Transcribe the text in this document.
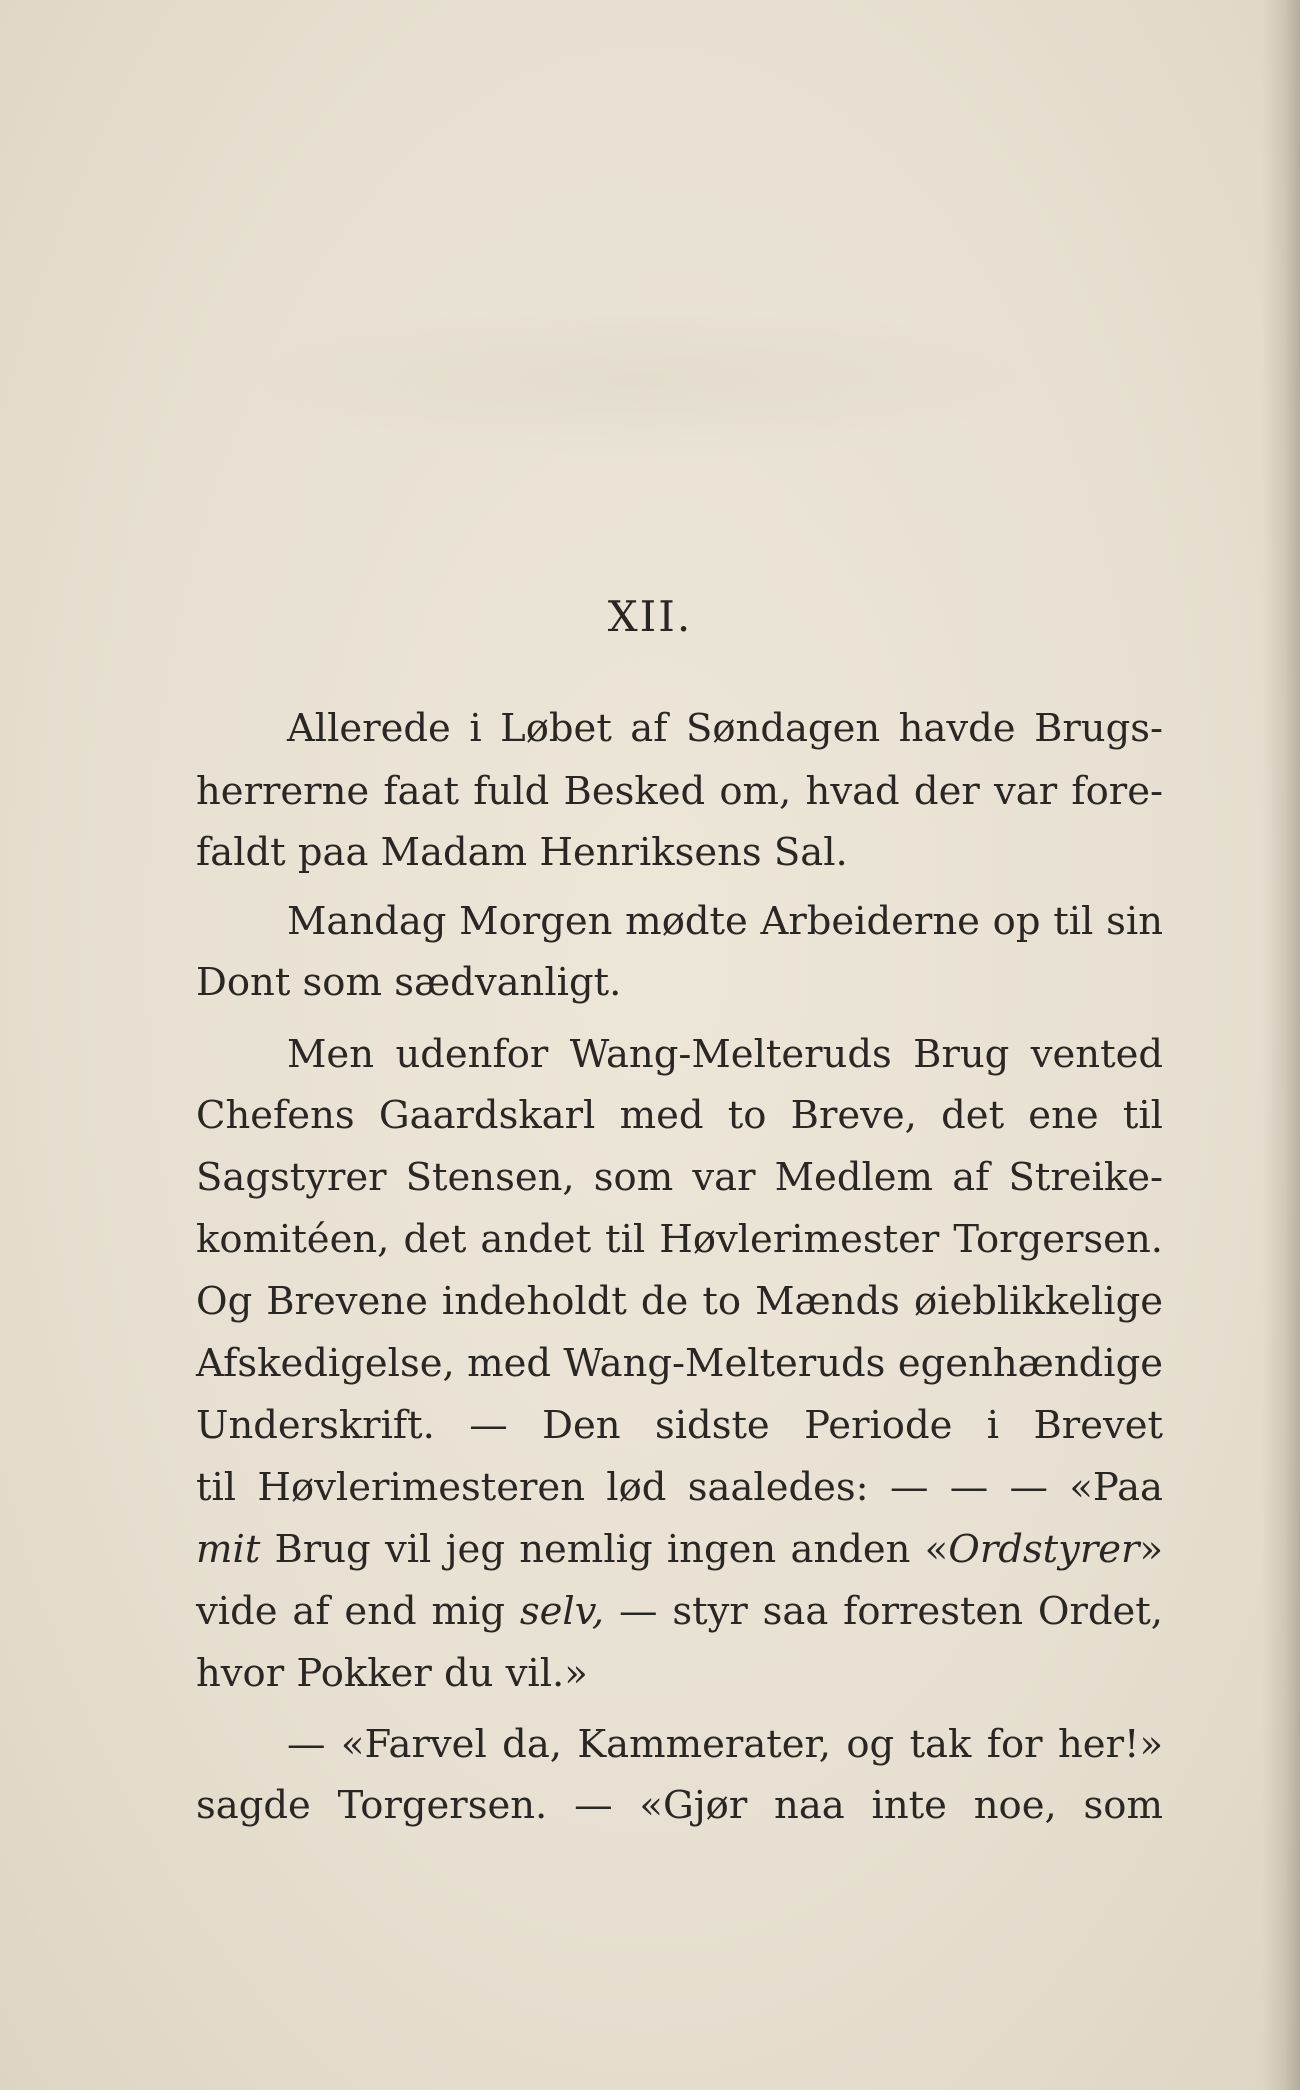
XII.
Allerede i Løbet af Søndagen havde Brugs-
herrerne faat fuld Besked om, hvad der var fore-
faldt paa Madam Henriksens Sal.
Mandag Morgen mødte Arbeiderne op til sin
Dont som sædvanligt.
Men udenfor Wang-Melteruds Brug vented
Chefens Gaardskarl med to Breve, det ene til
Sagstyrer Stensen, som var Medlem af Streike-
komitéen, det andet til Høvlerimester Torgersen.
Og Brevene indeholdt de to Mænds øieblikkelige
Afskedigelse, med Wang-Melteruds egenhændige
Underskrift. — Den sidste Periode i Brevet
til Høvlerimesteren lød saaledes: — — — «Paa
mit Brug vil jeg nemlig ingen anden «Ordstyrer»
vide af end mig selv, — styr saa forresten Ordet,
hvor Pokker du vil.»
— «Farvel da, Kammerater, og tak for her!»
sagde Torgersen. — «Gjør naa inte noe, som
